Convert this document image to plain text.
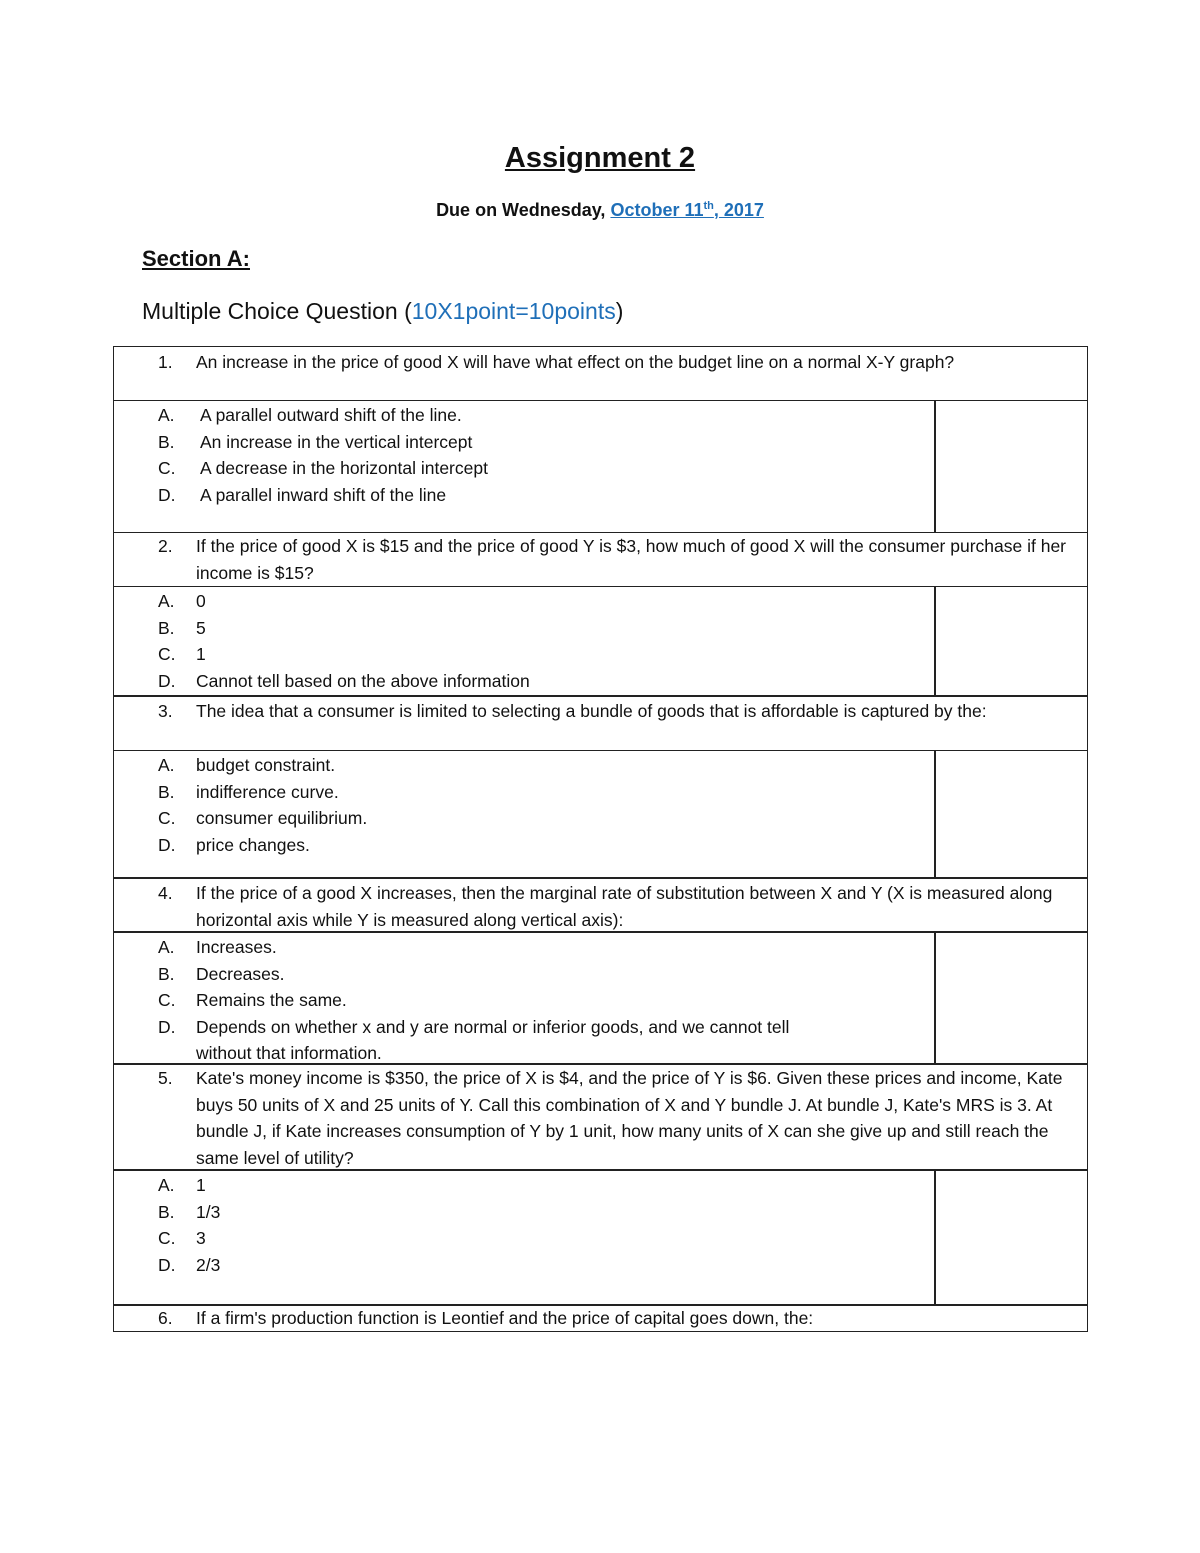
Assignment 2
Due on Wednesday, October 11th, 2017
Section A:
Multiple Choice Question (10X1point=10points)
1. An increase in the price of good X will have what effect on the budget line on a normal X-Y graph?
A. A parallel outward shift of the line.
B. An increase in the vertical intercept
C. A decrease in the horizontal intercept
D. A parallel inward shift of the line
2. If the price of good X is $15 and the price of good Y is $3, how much of good X will the consumer purchase if her income is $15?
A. 0
B. 5
C. 1
D. Cannot tell based on the above information
3. The idea that a consumer is limited to selecting a bundle of goods that is affordable is captured by the:
A. budget constraint.
B. indifference curve.
C. consumer equilibrium.
D. price changes.
4. If the price of a good X increases, then the marginal rate of substitution between X and Y (X is measured along horizontal axis while Y is measured along vertical axis):
A. Increases.
B. Decreases.
C. Remains the same.
D. Depends on whether x and y are normal or inferior goods, and we cannot tell without that information.
5. Kate's money income is $350, the price of X is $4, and the price of Y is $6. Given these prices and income, Kate buys 50 units of X and 25 units of Y. Call this combination of X and Y bundle J. At bundle J, Kate's MRS is 3. At bundle J, if Kate increases consumption of Y by 1 unit, how many units of X can she give up and still reach the same level of utility?
A. 1
B. 1/3
C. 3
D. 2/3
6. If a firm's production function is Leontief and the price of capital goes down, the:
